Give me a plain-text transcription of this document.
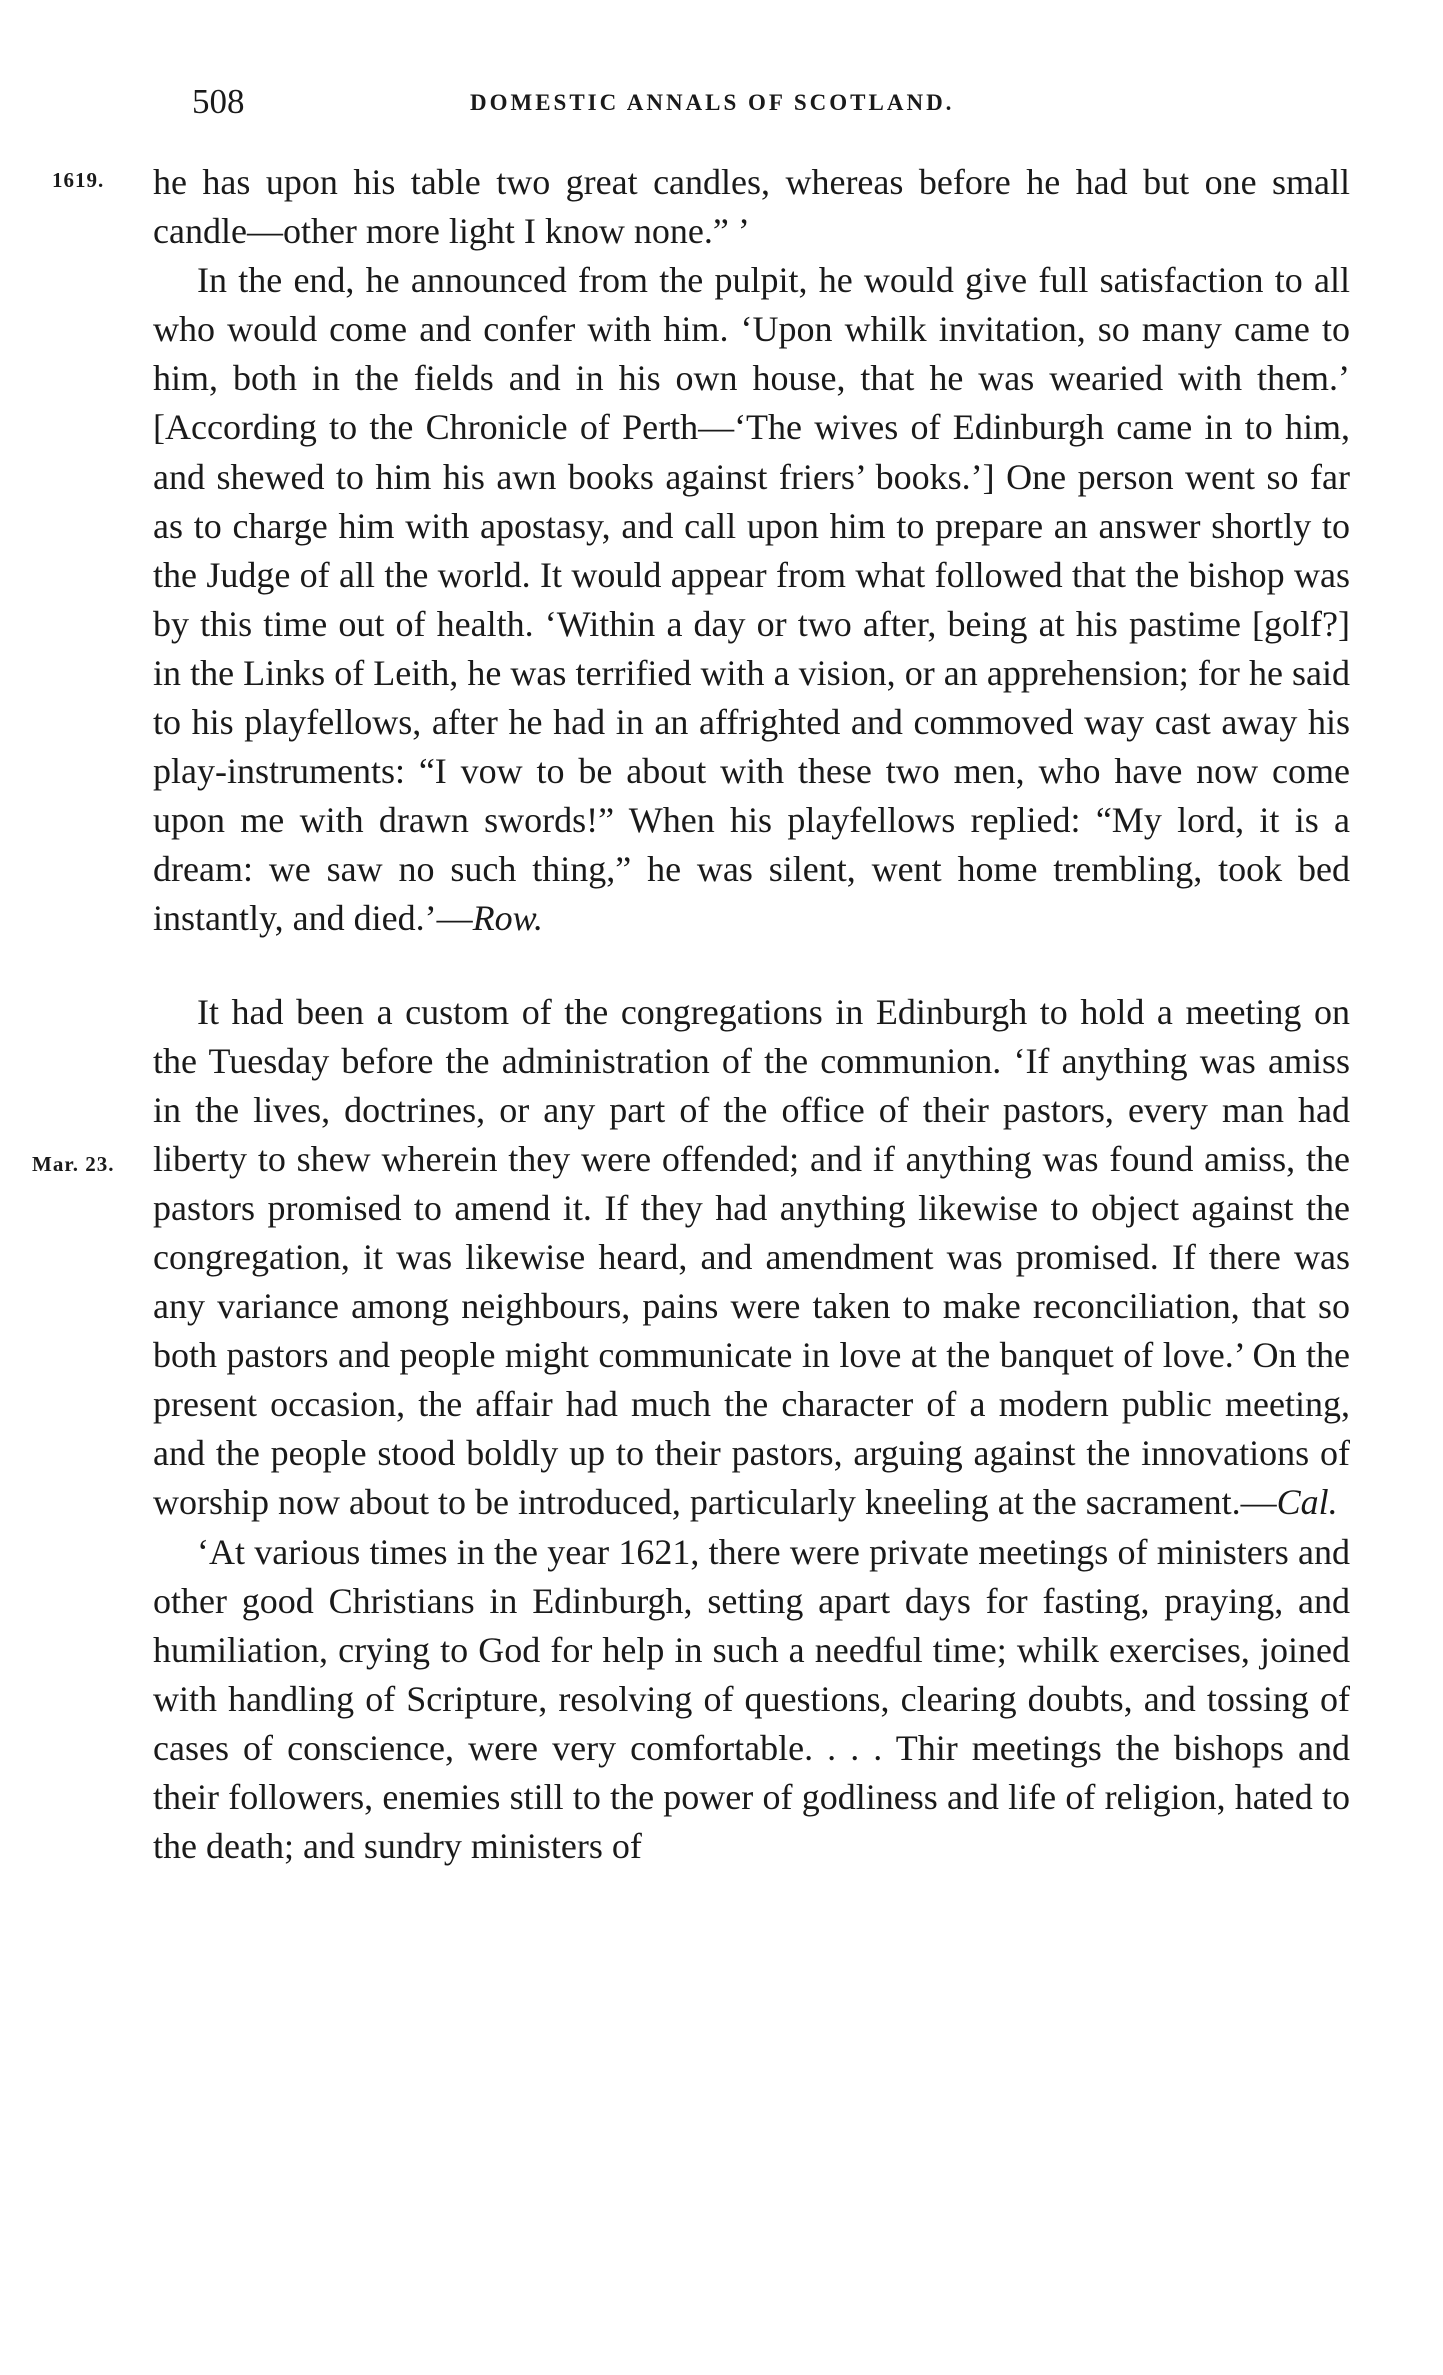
508	DOMESTIC ANNALS OF SCOTLAND.
1619.
Mar. 23.

he has upon his table two great candles, whereas before he had but one small candle—other more light I know none.” ’

In the end, he announced from the pulpit, he would give full satisfaction to all who would come and confer with him. ‘Upon whilk invitation, so many came to him, both in the fields and in his own house, that he was wearied with them.’ [According to the Chronicle of Perth—‘The wives of Edinburgh came in to him, and shewed to him his awn books against friers’ books.’] One person went so far as to charge him with apostasy, and call upon him to prepare an answer shortly to the Judge of all the world. It would appear from what followed that the bishop was by this time out of health. ‘Within a day or two after, being at his pastime [golf?] in the Links of Leith, he was terrified with a vision, or an apprehension; for he said to his playfellows, after he had in an affrighted and commoved way cast away his play-instruments: “I vow to be about with these two men, who have now come upon me with drawn swords!” When his playfellows replied: “My lord, it is a dream: we saw no such thing,” he was silent, went home trembling, took bed instantly, and died.’—Row.

It had been a custom of the congregations in Edinburgh to hold a meeting on the Tuesday before the administration of the communion. ‘If anything was amiss in the lives, doctrines, or any part of the office of their pastors, every man had liberty to shew wherein they were offended; and if anything was found amiss, the pastors promised to amend it. If they had anything likewise to object against the congregation, it was likewise heard, and amendment was promised. If there was any variance among neighbours, pains were taken to make reconciliation, that so both pastors and people might communicate in love at the banquet of love.’ On the present occasion, the affair had much the character of a modern public meeting, and the people stood boldly up to their pastors, arguing against the innovations of worship now about to be introduced, particularly kneeling at the sacrament.—Cal.

‘At various times in the year 1621, there were private meetings of ministers and other good Christians in Edinburgh, setting apart days for fasting, praying, and humiliation, crying to God for help in such a needful time; whilk exercises, joined with handling of Scripture, resolving of questions, clearing doubts, and tossing of cases of conscience, were very comfortable. . . . Thir meetings the bishops and their followers, enemies still to the power of godliness and life of religion, hated to the death; and sundry ministers of
